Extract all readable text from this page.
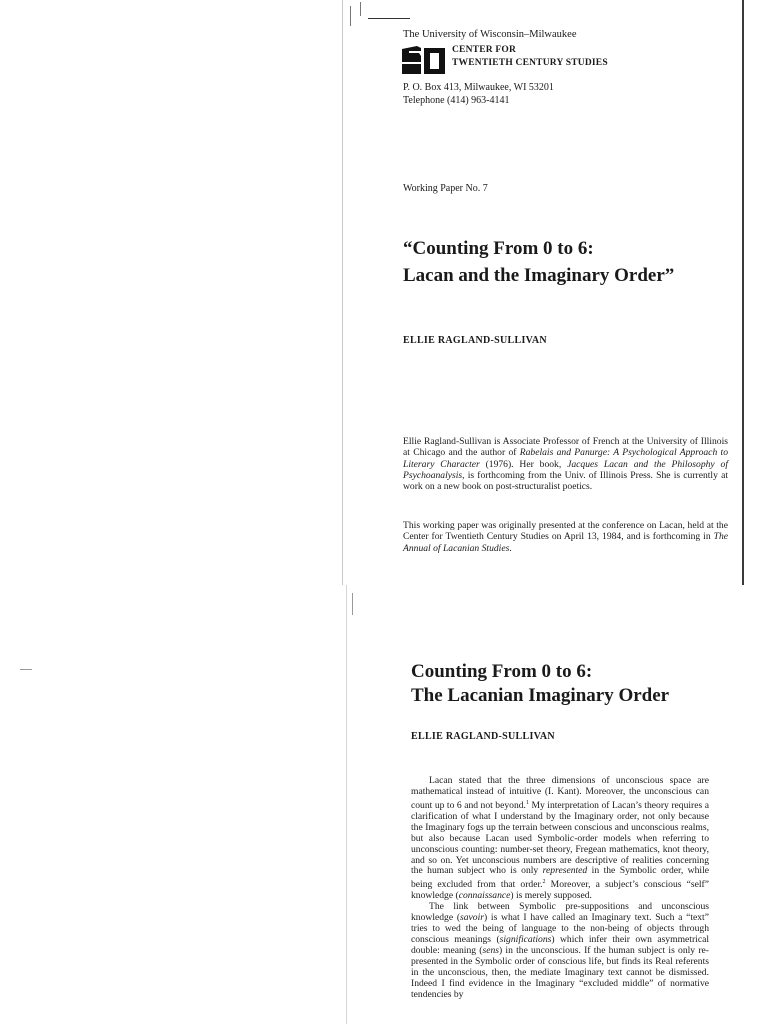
The University of Wisconsin–Milwaukee
CENTER FOR
TWENTIETH CENTURY STUDIES
P. O. Box 413, Milwaukee, WI 53201
Telephone (414) 963-4141
Working Paper No. 7
“Counting From 0 to 6:
Lacan and the Imaginary Order”
ELLIE RAGLAND-SULLIVAN
Ellie Ragland-Sullivan is Associate Professor of French at the University of Illinois at Chicago and the author of Rabelais and Panurge: A Psychological Approach to Literary Character (1976). Her book, Jacques Lacan and the Philosophy of Psychoanalysis, is forthcoming from the Univ. of Illinois Press. She is currently at work on a new book on post-structuralist poetics.
This working paper was originally presented at the conference on Lacan, held at the Center for Twentieth Century Studies on April 13, 1984, and is forthcoming in The Annual of Lacanian Studies.
Counting From 0 to 6:
The Lacanian Imaginary Order
ELLIE RAGLAND-SULLIVAN

Lacan stated that the three dimensions of unconscious space are mathematical instead of intuitive (I. Kant). Moreover, the unconscious can count up to 6 and not beyond.$^1$ My interpretation of Lacan’s theory requires a clarification of what I understand by the Imaginary order, not only because the Imaginary fogs up the terrain between conscious and unconscious realms, but also because Lacan used Symbolic-order models when referring to unconscious counting: number-set theory, Fregean mathematics, knot theory, and so on. Yet unconscious numbers are descriptive of realities concerning the human subject who is only represented in the Symbolic order, while being excluded from that order.$^2$ Moreover, a subject’s conscious “self” knowledge (connaissance) is merely supposed.

The link between Symbolic pre-suppositions and unconscious knowledge (savoir) is what I have called an Imaginary text. Such a “text” tries to wed the being of language to the non-being of objects through conscious meanings (significations) which infer their own asymmetrical double: meaning (sens) in the unconscious. If the human subject is only re-presented in the Symbolic order of conscious life, but finds its Real referents in the unconscious, then, the mediate Imaginary text cannot be dismissed. Indeed I find evidence in the Imaginary “excluded middle” of normative tendencies by
